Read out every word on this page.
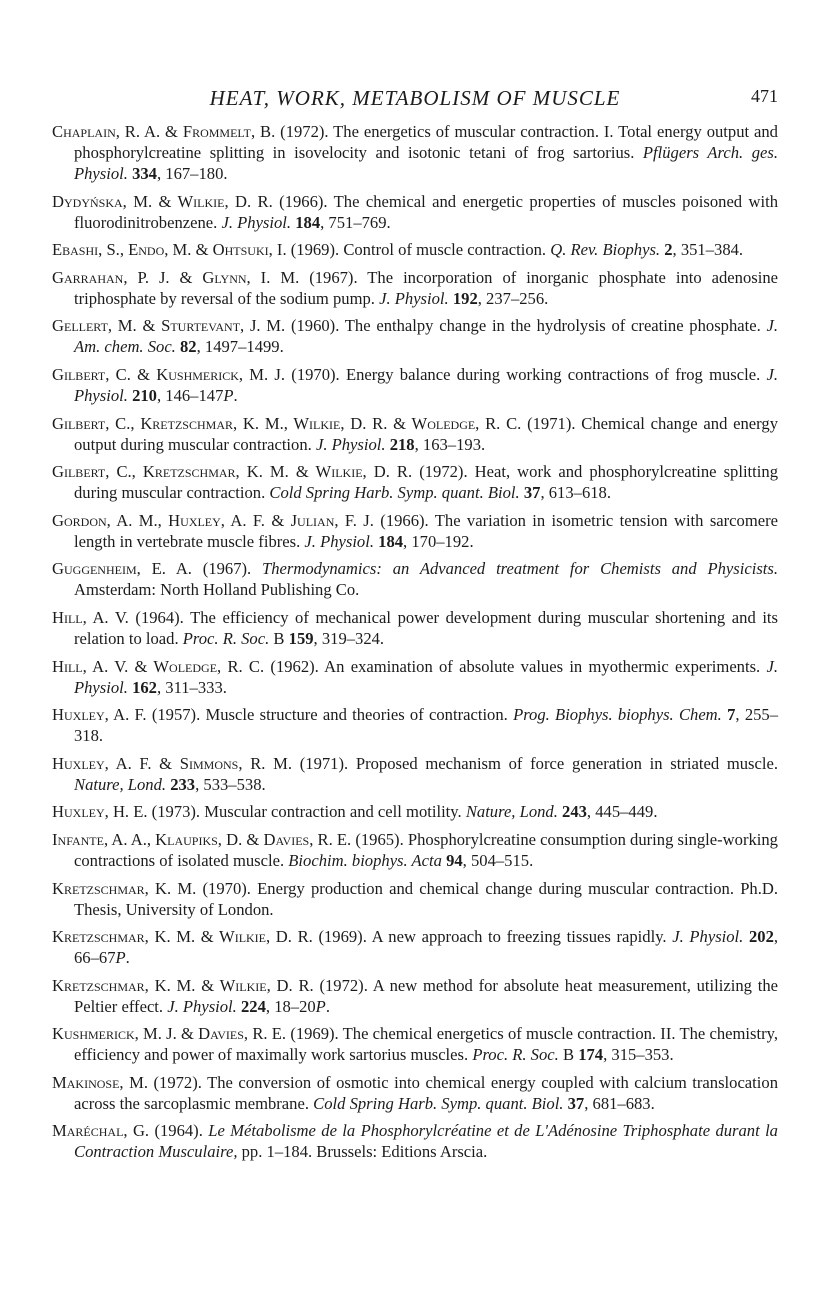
HEAT, WORK, METABOLISM OF MUSCLE	471
Chaplain, R. A. & Frommelt, B. (1972). The energetics of muscular contraction. I. Total energy output and phosphorylcreatine splitting in isovelocity and isotonic tetani of frog sartorius. Pflügers Arch. ges. Physiol. 334, 167–180.
Dydyńska, M. & Wilkie, D. R. (1966). The chemical and energetic properties of muscles poisoned with fluorodinitrobenzene. J. Physiol. 184, 751–769.
Ebashi, S., Endo, M. & Ohtsuki, I. (1969). Control of muscle contraction. Q. Rev. Biophys. 2, 351–384.
Garrahan, P. J. & Glynn, I. M. (1967). The incorporation of inorganic phosphate into adenosine triphosphate by reversal of the sodium pump. J. Physiol. 192, 237–256.
Gellert, M. & Sturtevant, J. M. (1960). The enthalpy change in the hydrolysis of creatine phosphate. J. Am. chem. Soc. 82, 1497–1499.
Gilbert, C. & Kushmerick, M. J. (1970). Energy balance during working contractions of frog muscle. J. Physiol. 210, 146–147P.
Gilbert, C., Kretzschmar, K. M., Wilkie, D. R. & Woledge, R. C. (1971). Chemical change and energy output during muscular contraction. J. Physiol. 218, 163–193.
Gilbert, C., Kretzschmar, K. M. & Wilkie, D. R. (1972). Heat, work and phosphorylcreatine splitting during muscular contraction. Cold Spring Harb. Symp. quant. Biol. 37, 613–618.
Gordon, A. M., Huxley, A. F. & Julian, F. J. (1966). The variation in isometric tension with sarcomere length in vertebrate muscle fibres. J. Physiol. 184, 170–192.
Guggenheim, E. A. (1967). Thermodynamics: an Advanced treatment for Chemists and Physicists. Amsterdam: North Holland Publishing Co.
Hill, A. V. (1964). The efficiency of mechanical power development during muscular shortening and its relation to load. Proc. R. Soc. B 159, 319–324.
Hill, A. V. & Woledge, R. C. (1962). An examination of absolute values in myothermic experiments. J. Physiol. 162, 311–333.
Huxley, A. F. (1957). Muscle structure and theories of contraction. Prog. Biophys. biophys. Chem. 7, 255–318.
Huxley, A. F. & Simmons, R. M. (1971). Proposed mechanism of force generation in striated muscle. Nature, Lond. 233, 533–538.
Huxley, H. E. (1973). Muscular contraction and cell motility. Nature, Lond. 243, 445–449.
Infante, A. A., Klaupiks, D. & Davies, R. E. (1965). Phosphorylcreatine consumption during single-working contractions of isolated muscle. Biochim. biophys. Acta 94, 504–515.
Kretzschmar, K. M. (1970). Energy production and chemical change during muscular contraction. Ph.D. Thesis, University of London.
Kretzschmar, K. M. & Wilkie, D. R. (1969). A new approach to freezing tissues rapidly. J. Physiol. 202, 66–67P.
Kretzschmar, K. M. & Wilkie, D. R. (1972). A new method for absolute heat measurement, utilizing the Peltier effect. J. Physiol. 224, 18–20P.
Kushmerick, M. J. & Davies, R. E. (1969). The chemical energetics of muscle contraction. II. The chemistry, efficiency and power of maximally work sartorius muscles. Proc. R. Soc. B 174, 315–353.
Makinose, M. (1972). The conversion of osmotic into chemical energy coupled with calcium translocation across the sarcoplasmic membrane. Cold Spring Harb. Symp. quant. Biol. 37, 681–683.
Maréchal, G. (1964). Le Métabolisme de la Phosphorylcréatine et de L'Adénosine Triphosphate durant la Contraction Musculaire, pp. 1–184. Brussels: Editions Arscia.
